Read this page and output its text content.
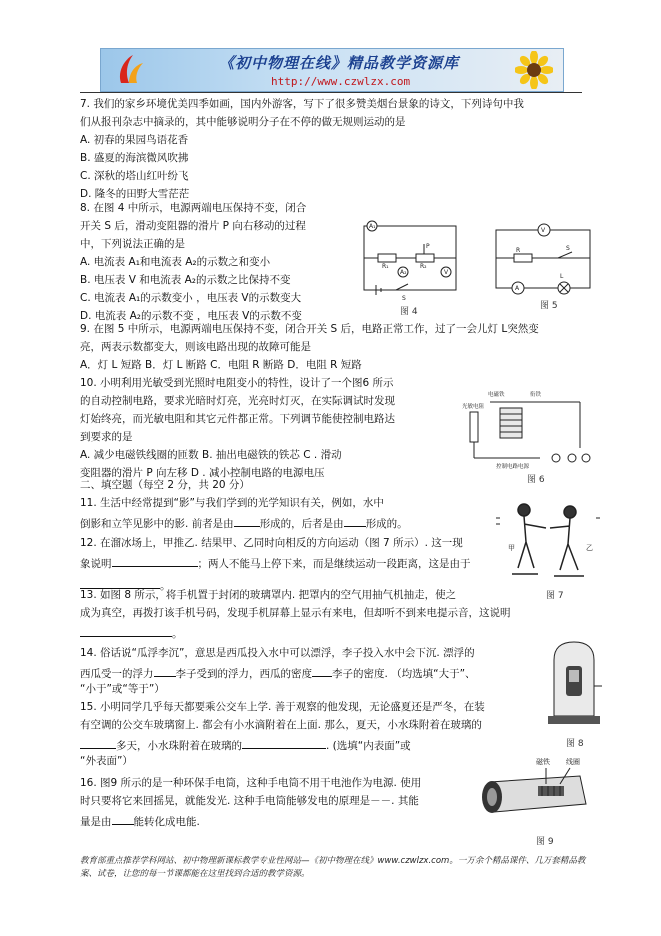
《初中物理在线》精品教学资源库
http://www.czwlzx.com
7. 我们的家乡环境优美四季如画，国内外游客，写下了很多赞美烟台景象的诗文，下列诗句中我
们从报刊杂志中摘录的，其中能够说明分子在不停的做无规则运动的是
A. 初春的果园鸟语花香
B. 盛夏的海滨微风吹拂
C. 深秋的塔山红叶纷飞
D. 隆冬的田野大雪茫茫
8. 在图 4 中所示，电源两端电压保持不变，闭合
开关 S 后，滑动变阻器的滑片 P 向右移动的过程
中，下列说法正确的是
A. 电流表 A₁和电流表 A₂的示数之和变小
B. 电压表 V 和电流表 A₂的示数之比保持不变
C. 电流表 A₁的示数变小 ，电压表 V的示数变大
D. 电流表 A₂的示数不变 ，电压表 V的示数不变
A₁
A₂	V
R₁	R₂
P
S
图 4
V
R
A
L
S
图 5
9. 在图 5 中所示，电源两端电压保持不变，闭合开关 S 后，电路正常工作，过了一会儿灯 L突然变
亮，两表示数都变大，则该电路出现的故障可能是
A．灯 L 短路 B．灯 L 断路 C．电阻 R 断路 D．电阻 R 短路
10. 小明利用光敏受到光照时电阻变小的特性，设计了一个图6 所示
的自动控制电路，要求光暗时灯亮，光亮时灯灭，在实际调试时发现
灯始终亮，而光敏电阻和其它元件都正常。下列调节能使控制电路达
到要求的是
A. 减少电磁铁线圈的匝数 B. 抽出电磁铁的铁芯 C . 滑动
变阻器的滑片 P 向左移 D . 减小控制电路的电源电压
电磁铁	衔铁
光敏电阻
控制电路电源
图 6
二、填空题（每空 2 分，共 20 分）
11. 生活中经常提到“影”与我们学到的光学知识有关，例如，水中
倒影和立竿见影中的影. 前者是由 形成的，后者是由 形成的。
12. 在溜冰场上，甲推乙. 结果甲、乙同时向相反的方向运动（图 7 所示）. 这一现
象说明	；两人不能马上停下来，而是继续运动一段距离，这是由于
。
甲	乙
图 7
13. 如图 8 所示，将手机置于封闭的玻璃罩内. 把罩内的空气用抽气机抽走，使之
成为真空，再拨打该手机号码，发现手机屏幕上显示有来电，但却听不到来电提示音，这说明
。
14. 俗话说“瓜浮李沉”，意思是西瓜投入水中可以漂浮，李子投入水中会下沉. 漂浮的
西瓜受一的浮力 李子受到的浮力，西瓜的密度 李子的密度. （均选填“大于”、
“小于”或“等于”）
图 8
15. 小明同学几乎每天都要乘公交车上学. 善于观察的他发现，无论盛夏还是严冬，在装
有空调的公交车玻璃窗上. 都会有小水滴附着在上面. 那么，夏天，小水珠附着在玻璃的
多天，小水珠附着在玻璃的	. (选填“内表面”或
“外表面”）
16. 图9 所示的是一种环保手电筒，这种手电筒不用干电池作为电源. 使用
时只要将它来回摇晃，就能发光. 这种手电筒能够发电的原理是－－. 其能
量是由 能转化成电能.
磁铁 线圈
图 9
教育部重点推荐学科网站、初中物理新课标教学专业性网站—《初中物理在线》www.czwlzx.com。一万余个精品课件、几万套精品教案、试卷，让您的每一节课都能在这里找到合适的教学资源。
